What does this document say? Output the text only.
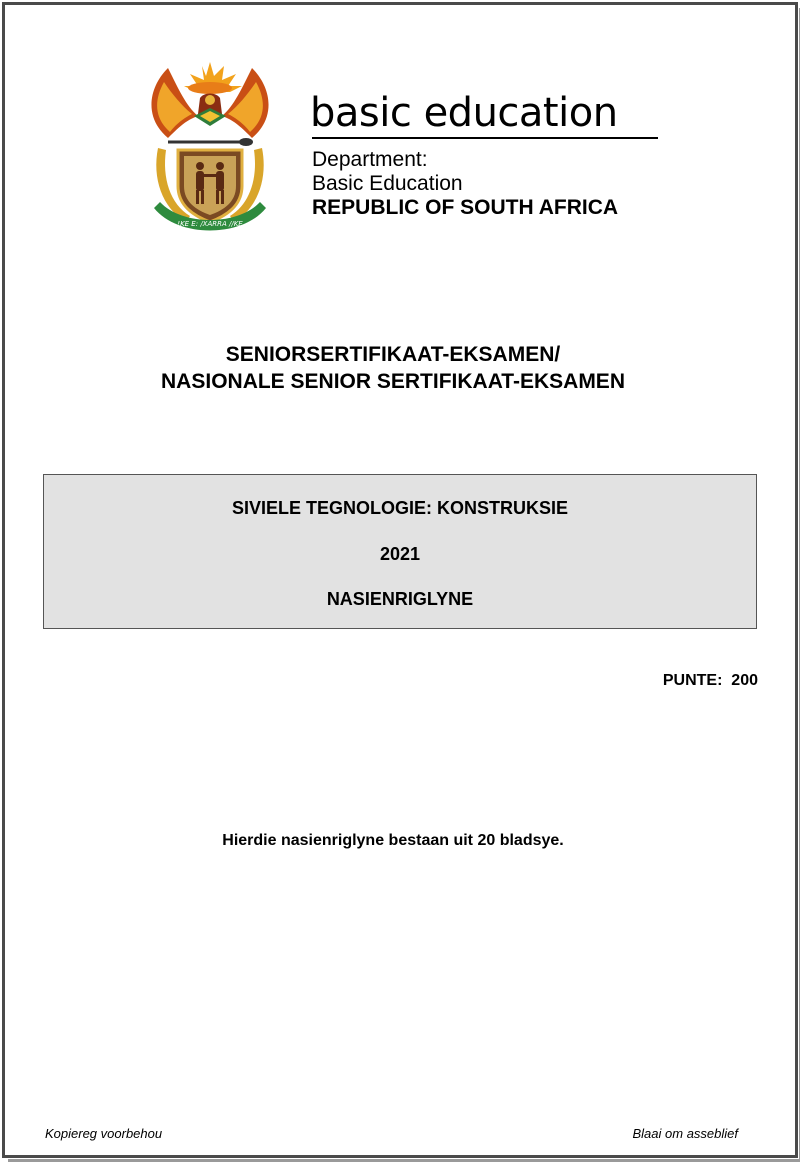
!KE E: /XARRA //KE
basic education
Department:
Basic Education
REPUBLIC OF SOUTH AFRICA
SENIORSERTIFIKAAT-EKSAMEN/
NASIONALE SENIOR SERTIFIKAAT-EKSAMEN
SIVIELE TEGNOLOGIE: KONSTRUKSIE
2021
NASIENRIGLYNE
PUNTE:  200
Hierdie nasienriglyne bestaan uit 20 bladsye.
Kopiereg voorbehou	Blaai om asseblief
